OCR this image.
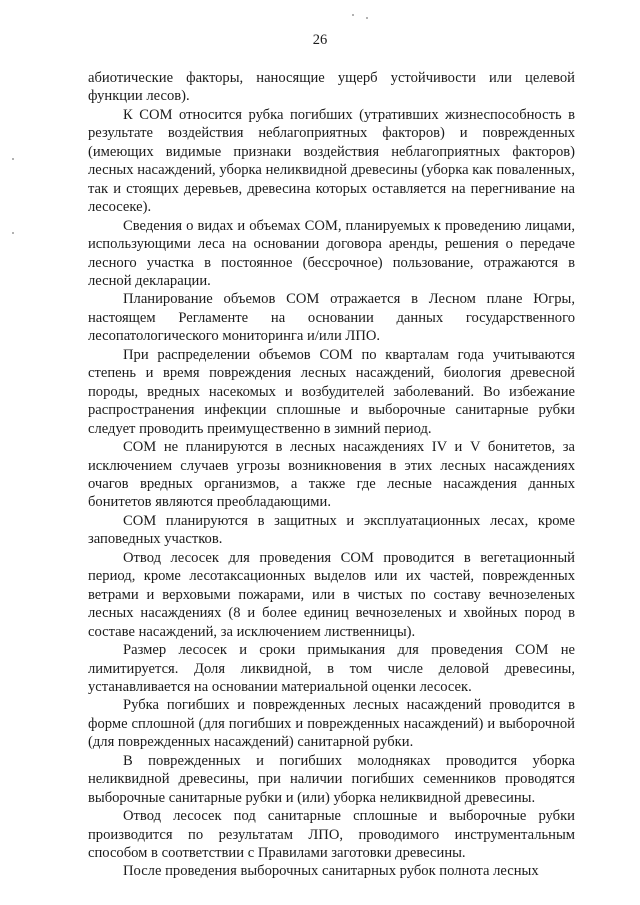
26

абиотические факторы, наносящие ущерб устойчивости или целевой функции лесов).

К СОМ относится рубка погибших (утративших жизнеспособность в результате воздействия неблагоприятных факторов) и поврежденных (имеющих видимые признаки воздействия неблагоприятных факторов) лесных насаждений, уборка неликвидной древесины (уборка как поваленных, так и стоящих деревьев, древесина которых оставляется на перегнивание на лесосеке).

Сведения о видах и объемах СОМ, планируемых к проведению лицами, использующими леса на основании договора аренды, решения о передаче лесного участка в постоянное (бессрочное) пользование, отражаются в лесной декларации.

Планирование объемов СОМ отражается в Лесном плане Югры, настоящем Регламенте на основании данных государственного лесопатологического мониторинга и/или ЛПО.

При распределении объемов СОМ по кварталам года учитываются степень и время повреждения лесных насаждений, биология древесной породы, вредных насекомых и возбудителей заболеваний. Во избежание распространения инфекции сплошные и выборочные санитарные рубки следует проводить преимущественно в зимний период.

СОМ не планируются в лесных насаждениях IV и V бонитетов, за исключением случаев угрозы возникновения в этих лесных насаждениях очагов вредных организмов, а также где лесные насаждения данных бонитетов являются преобладающими.

СОМ планируются в защитных и эксплуатационных лесах, кроме заповедных участков.

Отвод лесосек для проведения СОМ проводится в вегетационный период, кроме лесотаксационных выделов или их частей, поврежденных ветрами и верховыми пожарами, или в чистых по составу вечнозеленых лесных насаждениях (8 и более единиц вечнозеленых и хвойных пород в составе насаждений, за исключением лиственницы).

Размер лесосек и сроки примыкания для проведения СОМ не лимитируется. Доля ликвидной, в том числе деловой древесины, устанавливается на основании материальной оценки лесосек.

Рубка погибших и поврежденных лесных насаждений проводится в форме сплошной (для погибших и поврежденных насаждений) и выборочной (для поврежденных насаждений) санитарной рубки.

В поврежденных и погибших молодняках проводится уборка неликвидной древесины, при наличии погибших семенников проводятся выборочные санитарные рубки и (или) уборка неликвидной древесины.

Отвод лесосек под санитарные сплошные и выборочные рубки производится по результатам ЛПО, проводимого инструментальным способом в соответствии с Правилами заготовки древесины.

После проведения выборочных санитарных рубок полнота лесных
